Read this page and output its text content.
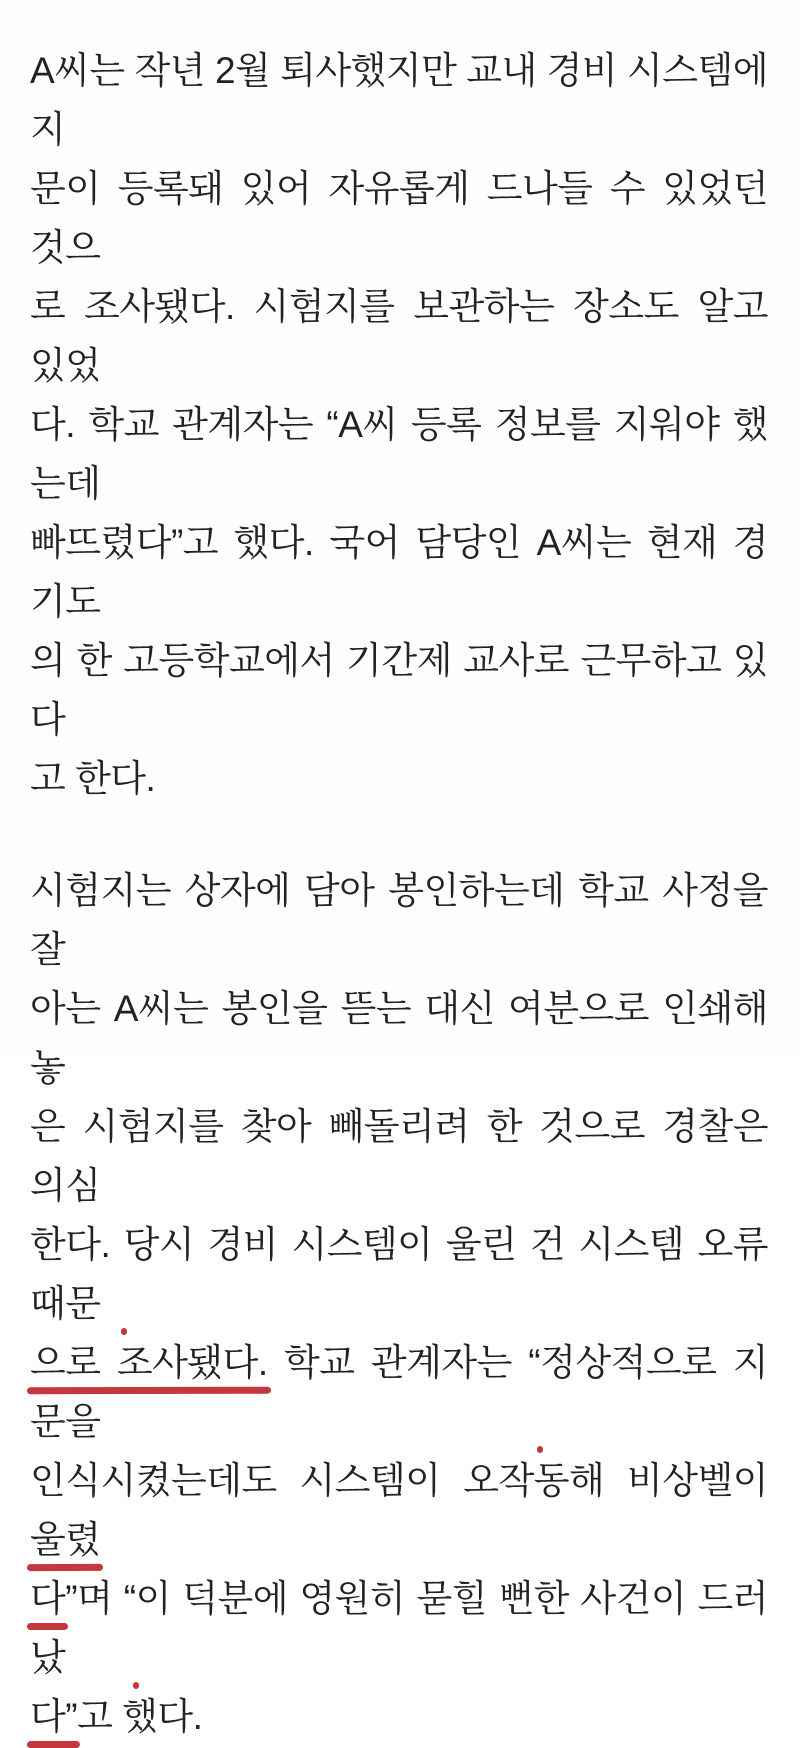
A씨는 작년 2월 퇴사했지만 교내 경비 시스템에 지
문이 등록돼 있어 자유롭게 드나들 수 있었던 것으
로 조사됐다. 시험지를 보관하는 장소도 알고 있었
다. 학교 관계자는 “A씨 등록 정보를 지워야 했는데
빠뜨렸다”고 했다. 국어 담당인 A씨는 현재 경기도
의 한 고등학교에서 기간제 교사로 근무하고 있다
고 한다.
시험지는 상자에 담아 봉인하는데 학교 사정을 잘
아는 A씨는 봉인을 뜯는 대신 여분으로 인쇄해 놓
은 시험지를 찾아 빼돌리려 한 것으로 경찰은 의심
한다. 당시 경비 시스템이 울린 건 시스템 오류 때문
으로 조사됐다. 학교 관계자는 “정상적으로 지문을
인식시켰는데도 시스템이 오작동해 비상벨이 울렸
다”며 “이 덕분에 영원히 묻힐 뻔한 사건이 드러났
다”고 했다.
